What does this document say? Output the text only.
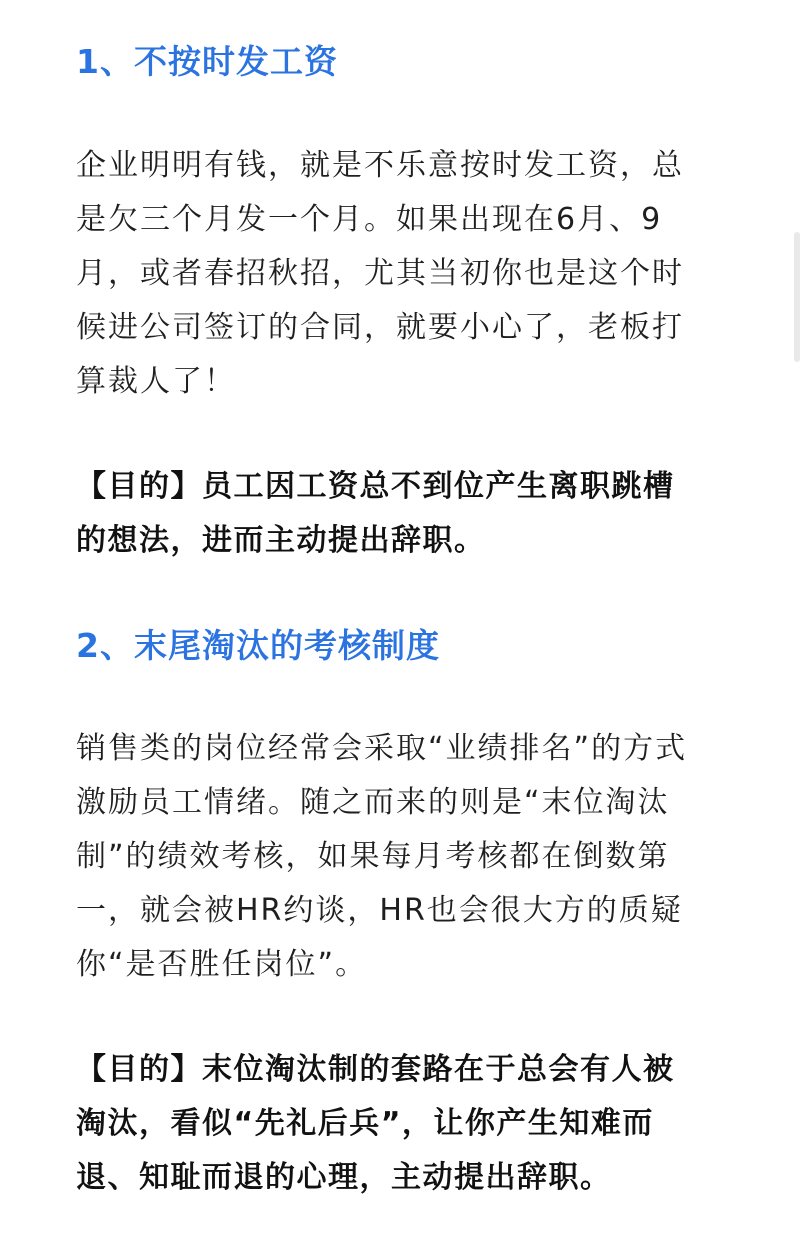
1、不按时发工资
企业明明有钱，就是不乐意按时发工资，总
是欠三个月发一个月。如果出现在6月、9
月，或者春招秋招，尤其当初你也是这个时
候进公司签订的合同，就要小心了，老板打
算裁人了！
【目的】员工因工资总不到位产生离职跳槽
的想法，进而主动提出辞职。
2、末尾淘汰的考核制度
销售类的岗位经常会采取“业绩排名”的方式
激励员工情绪。随之而来的则是“末位淘汰
制”的绩效考核，如果每月考核都在倒数第
一，就会被HR约谈，HR也会很大方的质疑
你“是否胜任岗位”。
【目的】末位淘汰制的套路在于总会有人被
淘汰，看似“先礼后兵”，让你产生知难而
退、知耻而退的心理，主动提出辞职。
